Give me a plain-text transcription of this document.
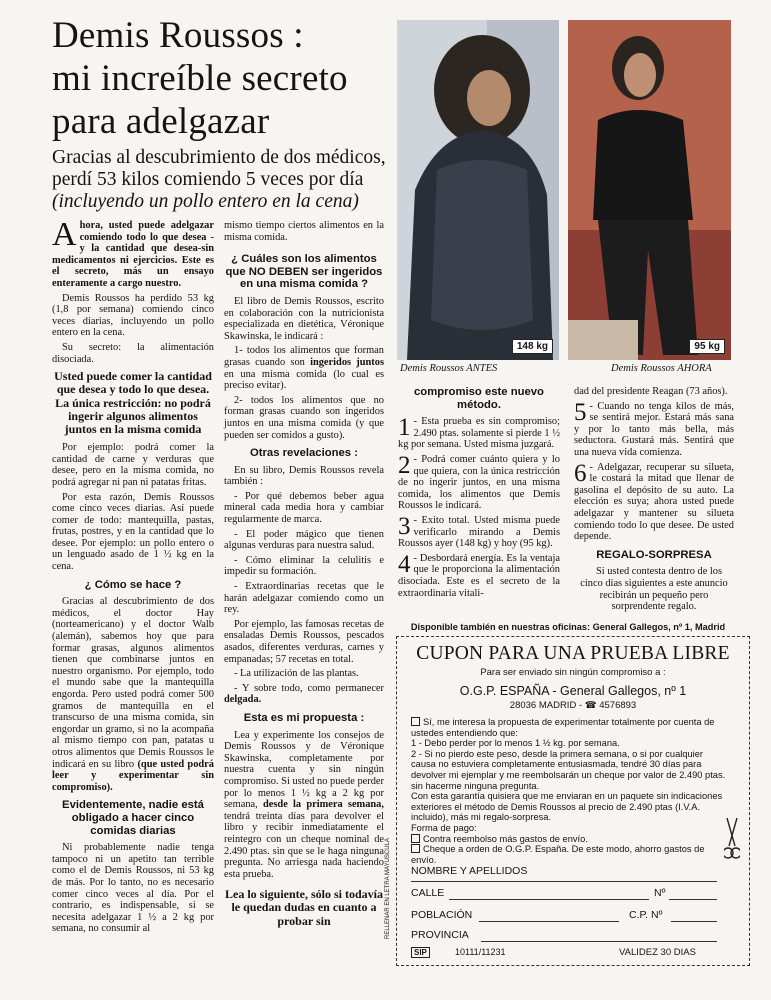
Demis Roussos :
mi increíble secreto
para adelgazar
Gracias al descubrimiento de dos médicos,
perdí 53 kilos comiendo 5 veces por día
(incluyendo un pollo entero en la cena)

Ahora, usted puede adelgazar comiendo todo lo que desea - y la cantidad que desea-sin medicamentos ni ejercicios. Este es el secreto, más un ensayo enteramente a cargo nuestro.

Demis Roussos ha perdido 53 kg (1,8 por semana) comiendo cinco veces diarias, incluyendo un pollo entero en la cena.

Su secreto: la alimentación disociada.

Usted puede comer la cantidad que desea y todo lo que desea. La única restricción: no podrá ingerir algunos alimentos juntos en la misma comida

Por ejemplo: podrá comer la cantidad de carne y verduras que desee, pero en la misma comida, no podrá agregar ni pan ni patatas fritas.

Por esta razón, Demis Roussos come cinco veces diarias. Así puede comer de todo: mantequilla, pastas, frutas, postres, y en la cantidad que lo desee. Por ejemplo: un pollo entero o un lenguado asado de 1 ½ kg en la cena.

¿ Cómo se hace ?

Gracias al descubrimiento de dos médicos, el doctor Hay (norteamericano) y el doctor Walb (alemán), sabemos hoy que para formar grasas, algunos alimentos tienen que combinarse juntos en nuestro organismo. Por ejemplo, todo el mundo sabe que la mantequilla engorda. Pero usted podrá comer 500 gramos de mantequilla en el transcurso de una misma comida, sin engordar un gramo, si no la acompaña al mismo tiempo con pan, patatas u otros alimentos que Demis Roussos le indicará en su libro (que usted podrá leer y experimentar sin compromiso).

Evidentemente, nadie está obligado a hacer cinco comidas diarias

Ni probablemente nadie tenga tampoco ni un apetito tan terrible como el de Demis Roussos, ni 53 kg de más. Por lo tanto, no es necesario comer cinco veces al día. Por el contrario, es indispensable, si se necesita adelgazar 1 ½ a 2 kg por semana, no consumir al

mismo tiempo ciertos alimentos en la misma comida.

¿ Cuáles son los alimentos que NO DEBEN ser ingeridos en una misma comida ?

El libro de Demis Roussos, escrito en colaboración con la nutricionista especializada en dietética, Véronique Skawinska, le indicará :

1- todos los alimentos que forman grasas cuando son ingeridos juntos en una misma comida (lo cual es preciso evitar).

2- todos los alimentos que no forman grasas cuando son ingeridos juntos en una misma comida (y que pueden ser comidos a gusto).

Otras revelaciones :

En su libro, Demis Roussos revela también :

- Por qué debemos beber agua mineral cada media hora y cambiar regularmente de marca.

- El poder mágico que tienen algunas verduras para nuestra salud.

- Cómo eliminar la celulitis e impedir su formación.

- Extraordinarias recetas que le harán adelgazar comiendo como un rey.

Por ejemplo, las famosas recetas de ensaladas Demis Roussos, pescados asados, diferentes verduras, carnes y empanadas; 57 recetas en total.

- La utilización de las plantas.

- Y sobre todo, como permanecer delgada.

Esta es mi propuesta :

Lea y experimente los consejos de Demis Roussos y de Véronique Skawinska, completamente por nuestra cuenta y sin ningún compromiso. Si usted no puede perder por lo menos 1 ½ kg a 2 kg por semana, desde la primera semana, tendrá treinta días para devolver el libro y recibir inmediatamente el reintegro con un cheque nominal de 2.490 ptas. sin que se le haga ninguna pregunta. No arriesga nada haciendo esta prueba.

Lea lo siguiente, sólo si todavía le quedan dudas en cuanto a probar sin

148 kg	95 kg
Demis Roussos ANTES	Demis Roussos AHORA
compromiso este nuevo método.

1 - Esta prueba es sin compromiso; 2.490 ptas. solamente si pierde 1 ½ kg por semana. Usted misma juzgará.

2 - Podrá comer cuánto quiera y lo que quiera, con la única restricción de no ingerir juntos, en una misma comida, los alimentos que Demis Roussos le indicará.

3 - Exito total. Usted misma puede verificarlo mirando a Demis Roussos ayer (148 kg) y hoy (95 kg).

4 - Desbordará energía. Es la ventaja que le proporciona la alimentación disociada. Este es el secreto de la extraordinaria vitali-

dad del presidente Reagan (73 años).

5 - Cuando no tenga kilos de más, se sentirá mejor. Estará más sana y por lo tanto más bella, más seductora. Gustará más. Sentirá que una nueva vida comienza.

6 - Adelgazar, recuperar su silueta, le costará la mitad que llenar de gasolina el depósito de su auto. La elección es suya; ahora usted puede adelgazar y mantener su silueta comiendo todo lo que desee. De usted depende.

REGALO-SORPRESA

Si usted contesta dentro de los cinco días siguientes a este anuncio recibirán un pequeño pero sorprendente regalo.

Disponible también en nuestras oficinas: General Gallegos, nº 1, Madrid
CUPON PARA UNA PRUEBA LIBRE
Para ser enviado sin ningún compromiso a :
O.G.P. ESPAÑA - General Gallegos, nº 1
28036 MADRID - ☎ 4576893
Sí, me interesa la propuesta de experimentar totalmente por cuenta de ustedes entendiendo que:
1 - Debo perder por lo menos 1 ½ kg. por semana.
2 - Si no pierdo este peso, desde la primera semana, o si por cualquier causa no estuviera completamente entusiasmada, tendré 30 días para devolver mi ejemplar y me reembolsarán un cheque por valor de 2.490 ptas. sin hacerme ninguna pregunta.
Con esta garantía quisiera que me enviaran en un paquete sin indicaciones exteriores el método de Demis Roussos al precio de 2.490 ptas (I.V.A. incluido), más mi regalo-sorpresa.
Forma de pago:
Contra reembolso más gastos de envío.
Cheque a orden de O.G.P. España. De este modo, ahorro gastos de envío.
NOMBRE Y APELLIDOS
CALLE	Nº
POBLACIÓN	C.P. Nº
PROVINCIA
SIP	10111/11231	VALIDEZ 30 DIAS
RELLENAR EN LETRA MAYUSCULA
